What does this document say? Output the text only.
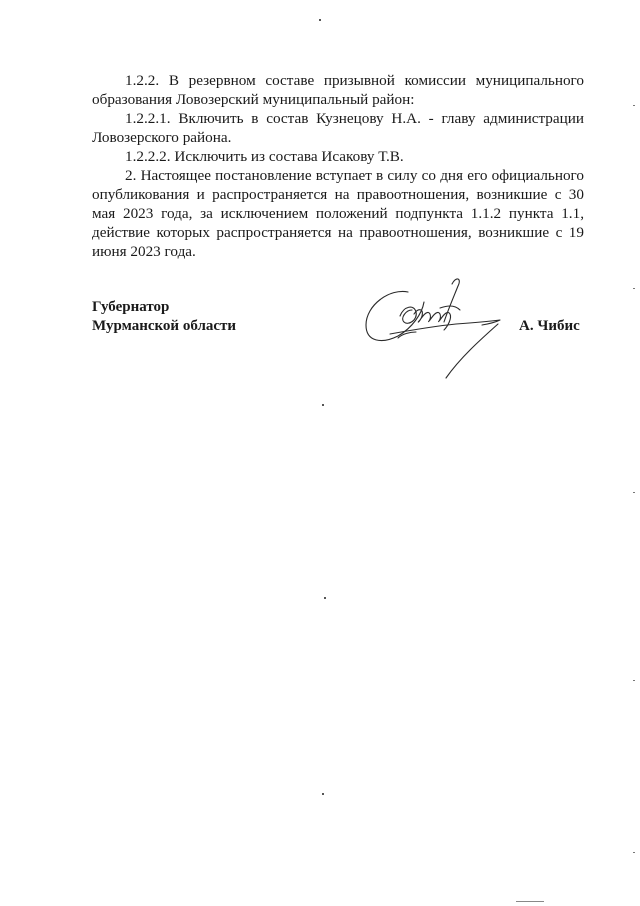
1.2.2. В резервном составе призывной комиссии муниципального образования Ловозерский муниципальный район:

1.2.2.1. Включить в состав Кузнецову Н.А. - главу администрации Ловозерского района.

1.2.2.2. Исключить из состава Исакову Т.В.

2. Настоящее постановление вступает в силу со дня его официального опубликования и распространяется на правоотношения, возникшие с 30 мая 2023 года, за исключением положений подпункта 1.1.2 пункта 1.1, действие которых распространяется на правоотношения, возникшие с 19 июня 2023 года.

Губернатор
Мурманской области	А. Чибис
